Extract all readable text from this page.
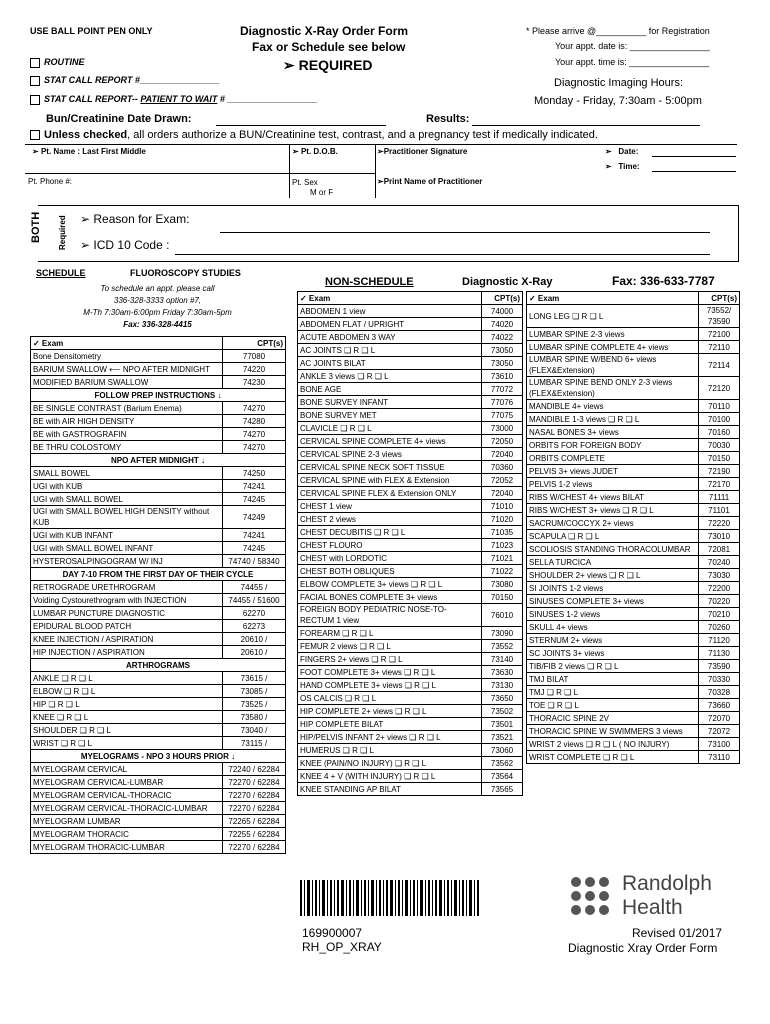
USE BALL POINT PEN ONLY	Diagnostic X-Ray Order Form
Fax or Schedule see below
➢ REQUIRED
* Please arrive @__________ for Registration
Your appt. date is: ________________
Your appt. time is: ________________
Diagnostic Imaging Hours:
Monday - Friday, 7:30am - 5:00pm
ROUTINE
STAT CALL REPORT #________________
STAT CALL REPORT-- PATIENT TO WAIT # __________________
Bun/Creatinine Date Drawn:	Results:
Unless checked, all orders authorize a BUN/Creatinine test, contrast, and a pregnancy test if medically indicated.
➢ Pt. Name : Last First Middle	➢ Pt. D.O.B.	➢Practitioner Signature	➢   Date:
➢   Time:
Pt. Phone #:	Pt. Sex
M or F
➢Print Name of Practitioner
BOTH Required ➢ Reason for Exam:
➢ ICD 10 Code :
SCHEDULE	FLUOROSCOPY STUDIES
To schedule an appt. please call
336-328-3333 option #7,
M-Th 7:30am-6:00pm Friday 7:30am-5pm
Fax: 336-328-4415
✓ Exam	CPT(s)
Bone Densitometry	77080
BARIUM SWALLOW ⟵ NPO AFTER MIDNIGHT	74220
MODIFIED BARIUM SWALLOW	74230
FOLLOW PREP INSTRUCTIONS ↓	
BE SINGLE CONTRAST (Barium Enema)	74270
BE with AIR HIGH DENSITY	74280
BE with GASTROGRAFIN	74270
BE THRU COLOSTOMY	74270
NPO AFTER MIDNIGHT ↓	
SMALL BOWEL	74250
UGI with KUB	74241
UGI with SMALL BOWEL	74245
UGI with SMALL BOWEL HIGH DENSITY without KUB	74249
UGI with KUB INFANT	74241
UGI with SMALL BOWEL INFANT	74245
HYSTEROSALPINGOGRAM W/ INJ	74740 / 58340
DAY 7-10 FROM THE FIRST DAY OF THEIR CYCLE	
RETROGRADE URETHROGRAM	74455 /
Voiding Cystourethrogram with INJECTION	74455 / 51600
LUMBAR PUNCTURE DIAGNOSTIC	62270
EPIDURAL BLOOD PATCH	62273
KNEE INJECTION / ASPIRATION	20610 /
HIP INJECTION / ASPIRATION	20610 /
ARTHROGRAMS	
ANKLE ❑ R ❑ L	73615 /
ELBOW ❑ R ❑ L	73085 /
HIP ❑ R ❑ L	73525 /
KNEE ❑ R ❑ L	73580 /
SHOULDER ❑ R ❑ L	73040 /
WRIST ❑ R ❑ L	73115 /
MYELOGRAMS - NPO 3 HOURS PRIOR ↓	
MYELOGRAM CERVICAL	72240 / 62284
MYELOGRAM CERVICAL-LUMBAR	72270 / 62284
MYELOGRAM CERVICAL-THORACIC	72270 / 62284
MYELOGRAM CERVICAL-THORACIC-LUMBAR	72270 / 62284
MYELOGRAM LUMBAR	72265 / 62284
MYELOGRAM THORACIC	72255 / 62284
MYELOGRAM THORACIC-LUMBAR	72270 / 62284
NON-SCHEDULE	Diagnostic X-Ray	Fax: 336-633-7787
✓ Exam	CPT(s)
ABDOMEN 1 view	74000
ABDOMEN FLAT / UPRIGHT	74020
ACUTE ABDOMEN 3 WAY	74022
AC JOINTS ❑ R ❑ L	73050
AC JOINTS BILAT	73050
ANKLE 3 views ❑ R ❑ L	73610
BONE AGE	77072
BONE SURVEY INFANT	77076
BONE SURVEY MET	77075
CLAVICLE ❑ R ❑ L	73000
CERVICAL SPINE COMPLETE 4+ views	72050
CERVICAL SPINE 2-3 views	72040
CERVICAL SPINE NECK SOFT TISSUE	70360
CERVICAL SPINE with FLEX & Extension	72052
CERVICAL SPINE FLEX & Extension ONLY	72040
CHEST 1 view	71010
CHEST 2 views	71020
CHEST DECUBITIS ❑ R ❑ L	71035
CHEST FLOURO	71023
CHEST with LORDOTIC	71021
CHEST BOTH OBLIQUES	71022
ELBOW COMPLETE 3+ views ❑ R ❑ L	73080
FACIAL BONES COMPLETE 3+ views	70150
FOREIGN BODY PEDIATRIC NOSE-TO-RECTUM 1 view	76010
FOREARM ❑ R ❑ L	73090
FEMUR 2 views ❑ R ❑ L	73552
FINGERS 2+ views ❑ R ❑ L	73140
FOOT COMPLETE 3+ views ❑ R ❑ L	73630
HAND COMPLETE 3+ views ❑ R ❑ L	73130
OS CALCIS ❑ R ❑ L	73650
HIP COMPLETE 2+ views ❑ R ❑ L	73502
HIP COMPLETE BILAT	73501
HIP/PELVIS INFANT 2+ views ❑ R ❑ L	73521
HUMERUS ❑ R ❑ L	73060
KNEE (PAIN/NO INJURY) ❑ R ❑ L	73562
KNEE 4 + V (WITH INJURY) ❑ R ❑ L	73564
KNEE STANDING AP BILAT	73565
✓ Exam	CPT(s)
LONG LEG ❑ R ❑ L	73552/ 73590
LUMBAR SPINE 2-3 views	72100
LUMBAR SPINE COMPLETE 4+ views	72110
LUMBAR SPINE W/BEND 6+ views (FLEX&Extension)	72114
LUMBAR SPINE BEND ONLY 2-3 views (FLEX&Extension)	72120
MANDIBLE 4+ views	70110
MANDIBLE 1-3 views ❑ R ❑ L	70100
NASAL BONES 3+ views	70160
ORBITS FOR FOREIGN BODY	70030
ORBITS COMPLETE	70150
PELVIS 3+ views JUDET	72190
PELVIS 1-2 views	72170
RIBS W/CHEST 4+ views BILAT	71111
RIBS W/CHEST 3+ views ❑ R ❑ L	71101
SACRUM/COCCYX 2+ views	72220
SCAPULA ❑ R ❑ L	73010
SCOLIOSIS STANDING THORACOLUMBAR	72081
SELLA TURCICA	70240
SHOULDER 2+ views ❑ R ❑ L	73030
SI JOINTS 1-2 views	72200
SINUSES COMPLETE 3+ views	70220
SINUSES 1-2 views	70210
SKULL 4+ views	70260
STERNUM 2+ views	71120
SC JOINTS 3+ views	71130
TIB/FIB 2 views ❑ R ❑ L	73590
TMJ BILAT	70330
TMJ ❑ R ❑ L	70328
TOE ❑ R ❑ L	73660
THORACIC SPINE 2V	72070
THORACIC SPINE W SWIMMERS 3 views	72072
WRIST 2 views ❑ R ❑ L ( NO INJURY)	73100
WRIST COMPLETE ❑ R ❑ L	73110
169900007
RH_OP_XRAY
Randolph
Health
Revised 01/2017
Diagnostic Xray Order Form
